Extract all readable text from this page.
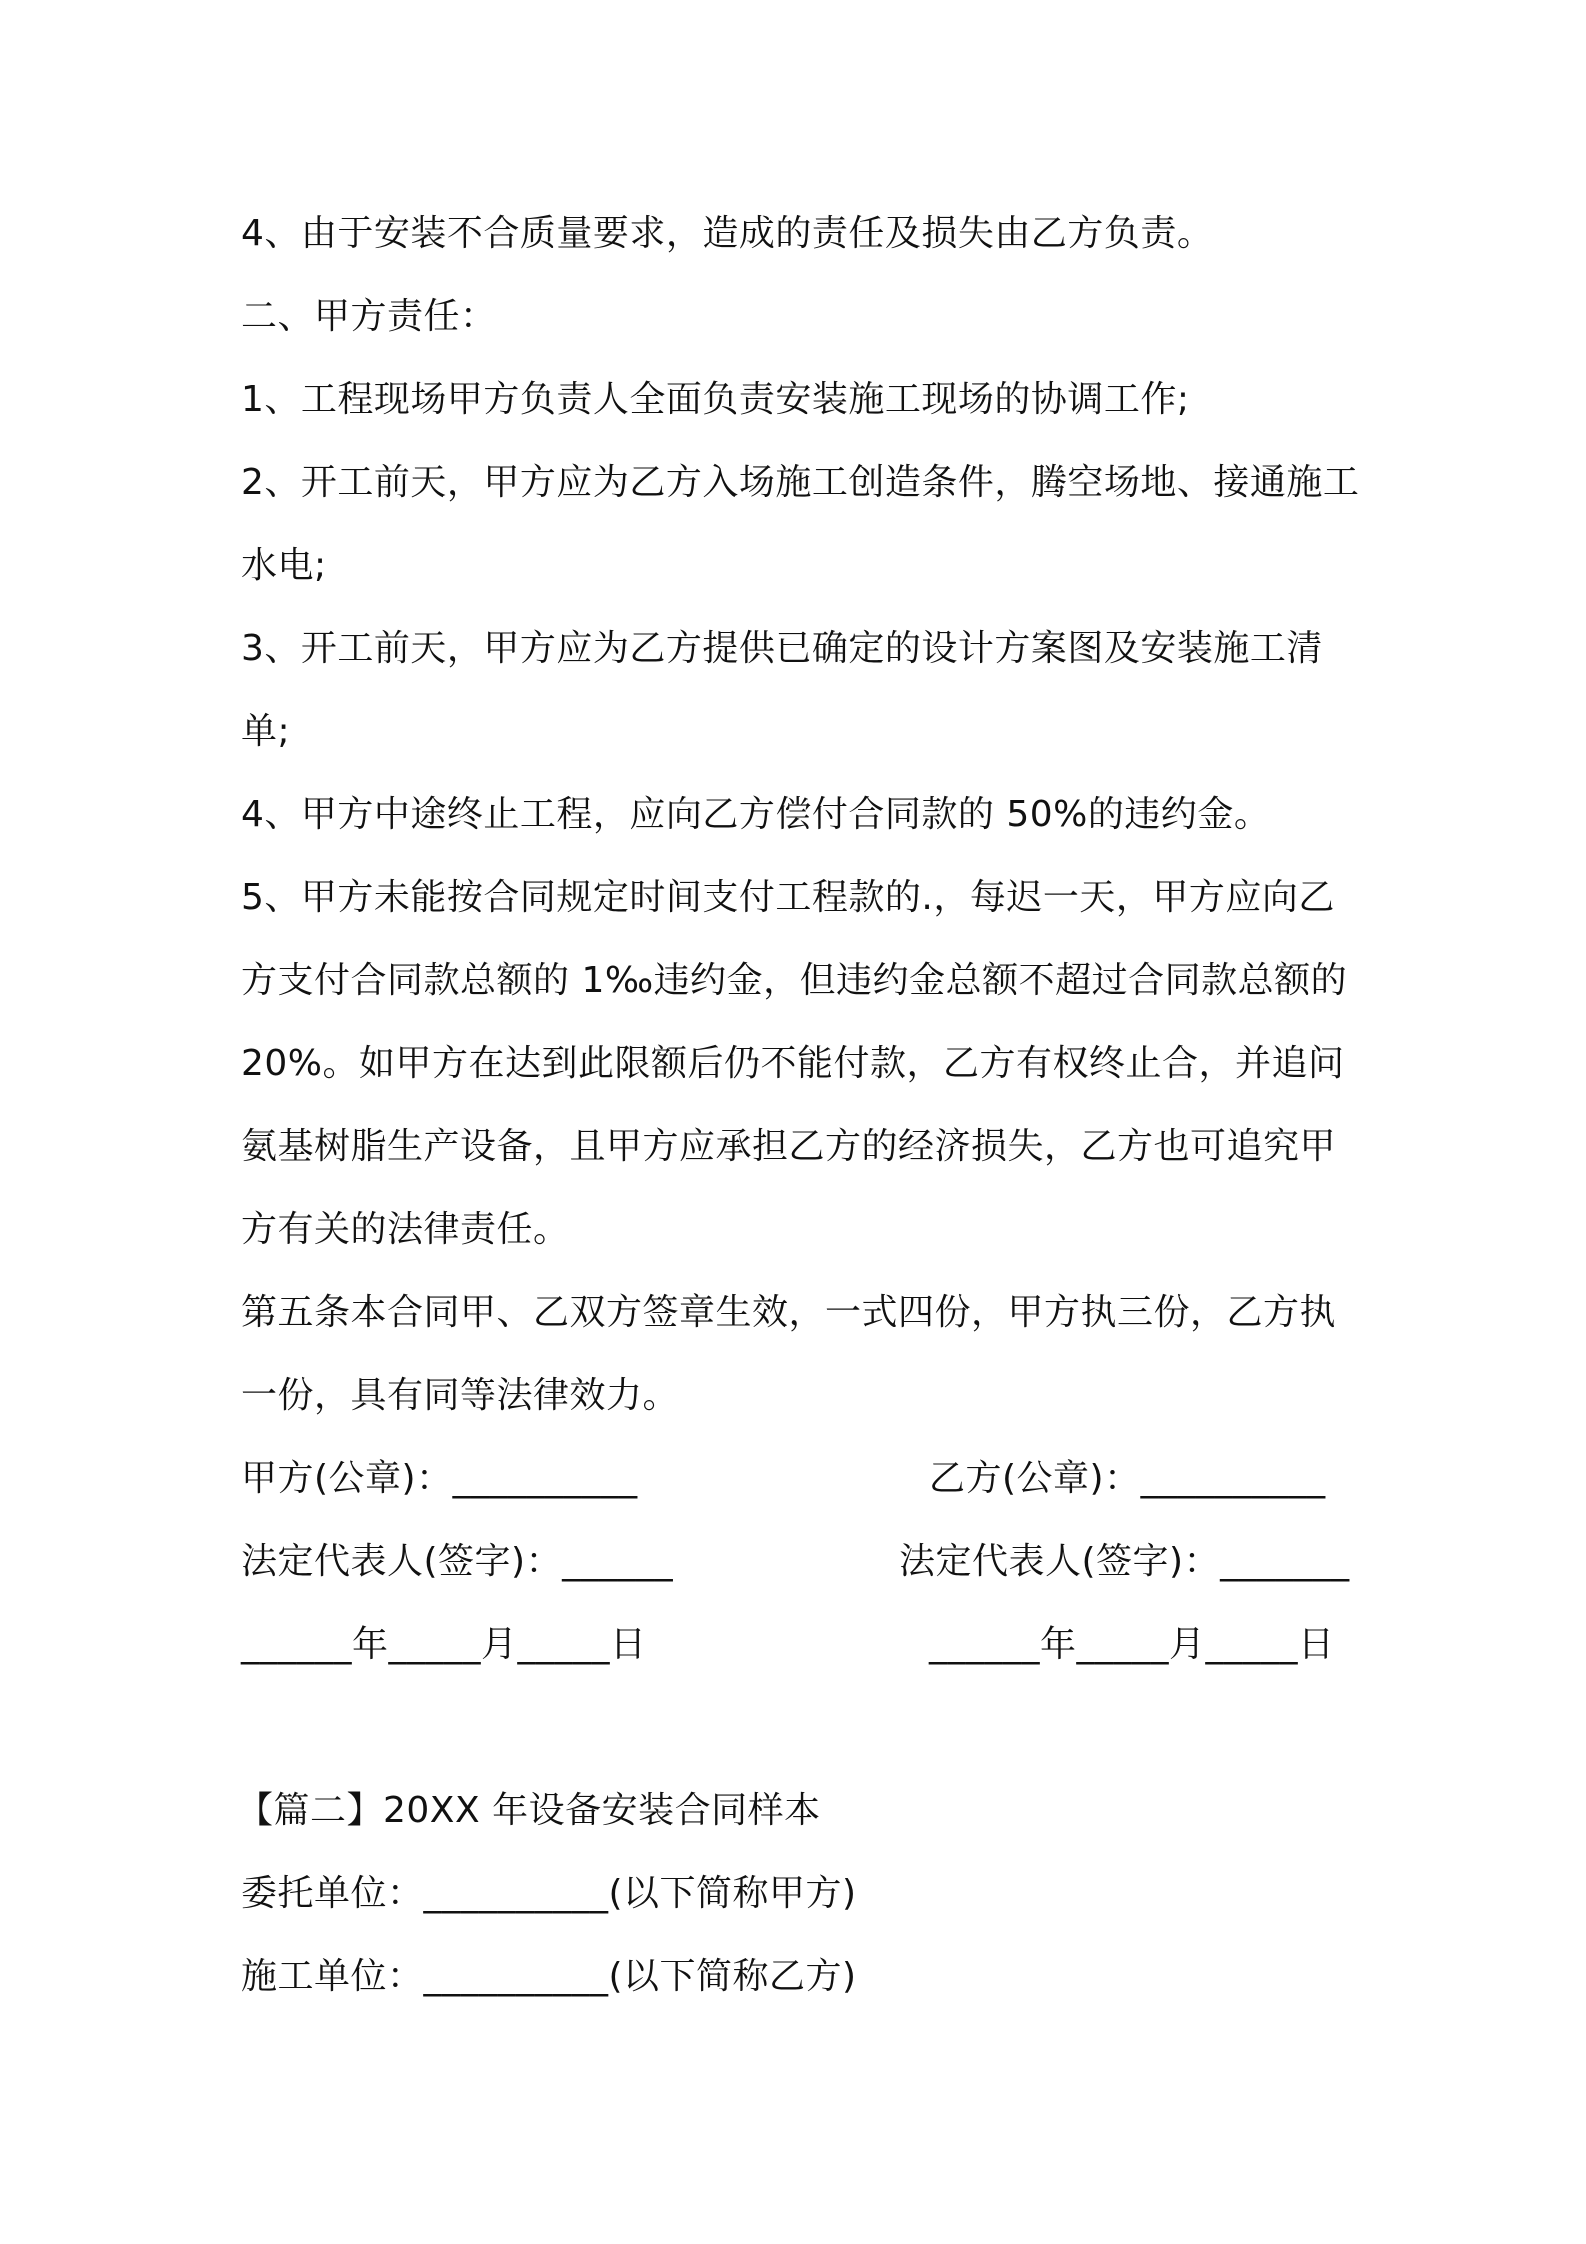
4、由于安装不合质量要求，造成的责任及损失由乙方负责。

二、甲方责任：

1、工程现场甲方负责人全面负责安装施工现场的协调工作;

2、开工前天，甲方应为乙方入场施工创造条件，腾空场地、接通施工水电;

3、开工前天，甲方应为乙方提供已确定的设计方案图及安装施工清单;

4、甲方中途终止工程，应向乙方偿付合同款的 50%的违约金。

5、甲方未能按合同规定时间支付工程款的.，每迟一天，甲方应向乙方支付合同款总额的 1‰违约金，但违约金总额不超过合同款总额的 20%。如甲方在达到此限额后仍不能付款，乙方有权终止合，并追问氨基树脂生产设备，且甲方应承担乙方的经济损失，乙方也可追究甲方有关的法律责任。

第五条本合同甲、乙双方签章生效，一式四份，甲方执三份，乙方执一份，具有同等法律效力。

甲方(公章)：__________	乙方(公章)：__________
法定代表人(签字)：______	法定代表人(签字)：_______
______年_____月_____日	______年_____月_____日

【篇二】20XX 年设备安装合同样本

委托单位：__________(以下简称甲方)

施工单位：__________(以下简称乙方)
